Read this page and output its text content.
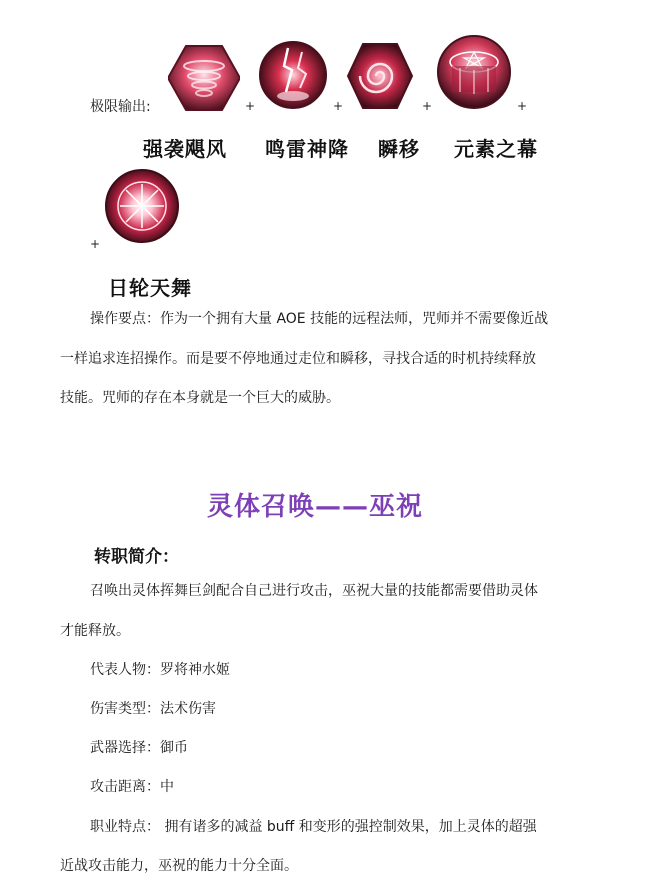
极限输出:	+	+	+	+
强袭飓风 鸣雷神降 瞬移 元素之幕
+
日轮天舞
操作要点：作为一个拥有大量 AOE 技能的远程法师，咒师并不需要像近战
一样追求连招操作。而是要不停地通过走位和瞬移，寻找合适的时机持续释放
技能。咒师的存在本身就是一个巨大的威胁。
灵体召唤——巫祝
转职简介：
召唤出灵体挥舞巨剑配合自己进行攻击，巫祝大量的技能都需要借助灵体
才能释放。
代表人物：罗将神水姬
伤害类型：法术伤害
武器选择：御币
攻击距离：中
职业特点： 拥有诸多的减益 buff 和变形的强控制效果，加上灵体的超强
近战攻击能力，巫祝的能力十分全面。
